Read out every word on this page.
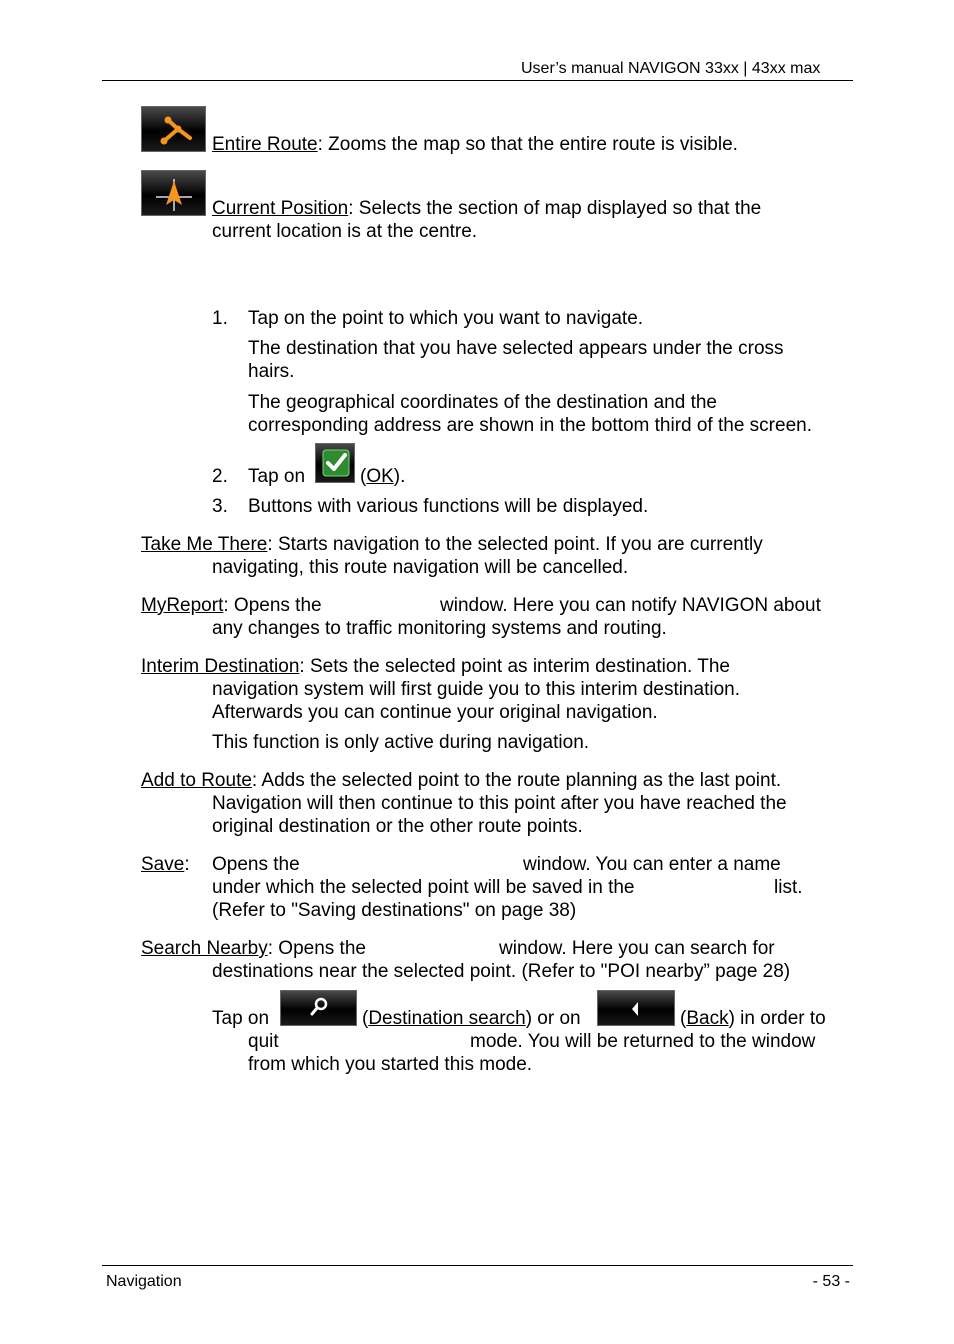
User’s manual NAVIGON 33xx | 43xx max
Entire Route: Zooms the map so that the entire route is visible.
Current Position: Selects the section of map displayed so that the
current location is at the centre.
1. Tap on the point to which you want to navigate.
The destination that you have selected appears under the cross
hairs.
The geographical coordinates of the destination and the
corresponding address are shown in the bottom third of the screen.
2. Tap on	(OK).
3. Buttons with various functions will be displayed.
Take Me There: Starts navigation to the selected point. If you are currently
navigating, this route navigation will be cancelled.
MyReport: Opens the	window. Here you can notify NAVIGON about
any changes to traffic monitoring systems and routing.
Interim Destination: Sets the selected point as interim destination. The
navigation system will first guide you to this interim destination.
Afterwards you can continue your original navigation.
This function is only active during navigation.
Add to Route: Adds the selected point to the route planning as the last point.
Navigation will then continue to this point after you have reached the
original destination or the other route points.
Save: Opens the	window. You can enter a name
under which the selected point will be saved in the	list.
(Refer to "Saving destinations" on page 38)
Search Nearby: Opens the	window. Here you can search for
destinations near the selected point. (Refer to "POI nearby” page 28)
Tap on	(Destination search) or on	(Back) in order to
quit	mode. You will be returned to the window
from which you started this mode.
Navigation	- 53 -
